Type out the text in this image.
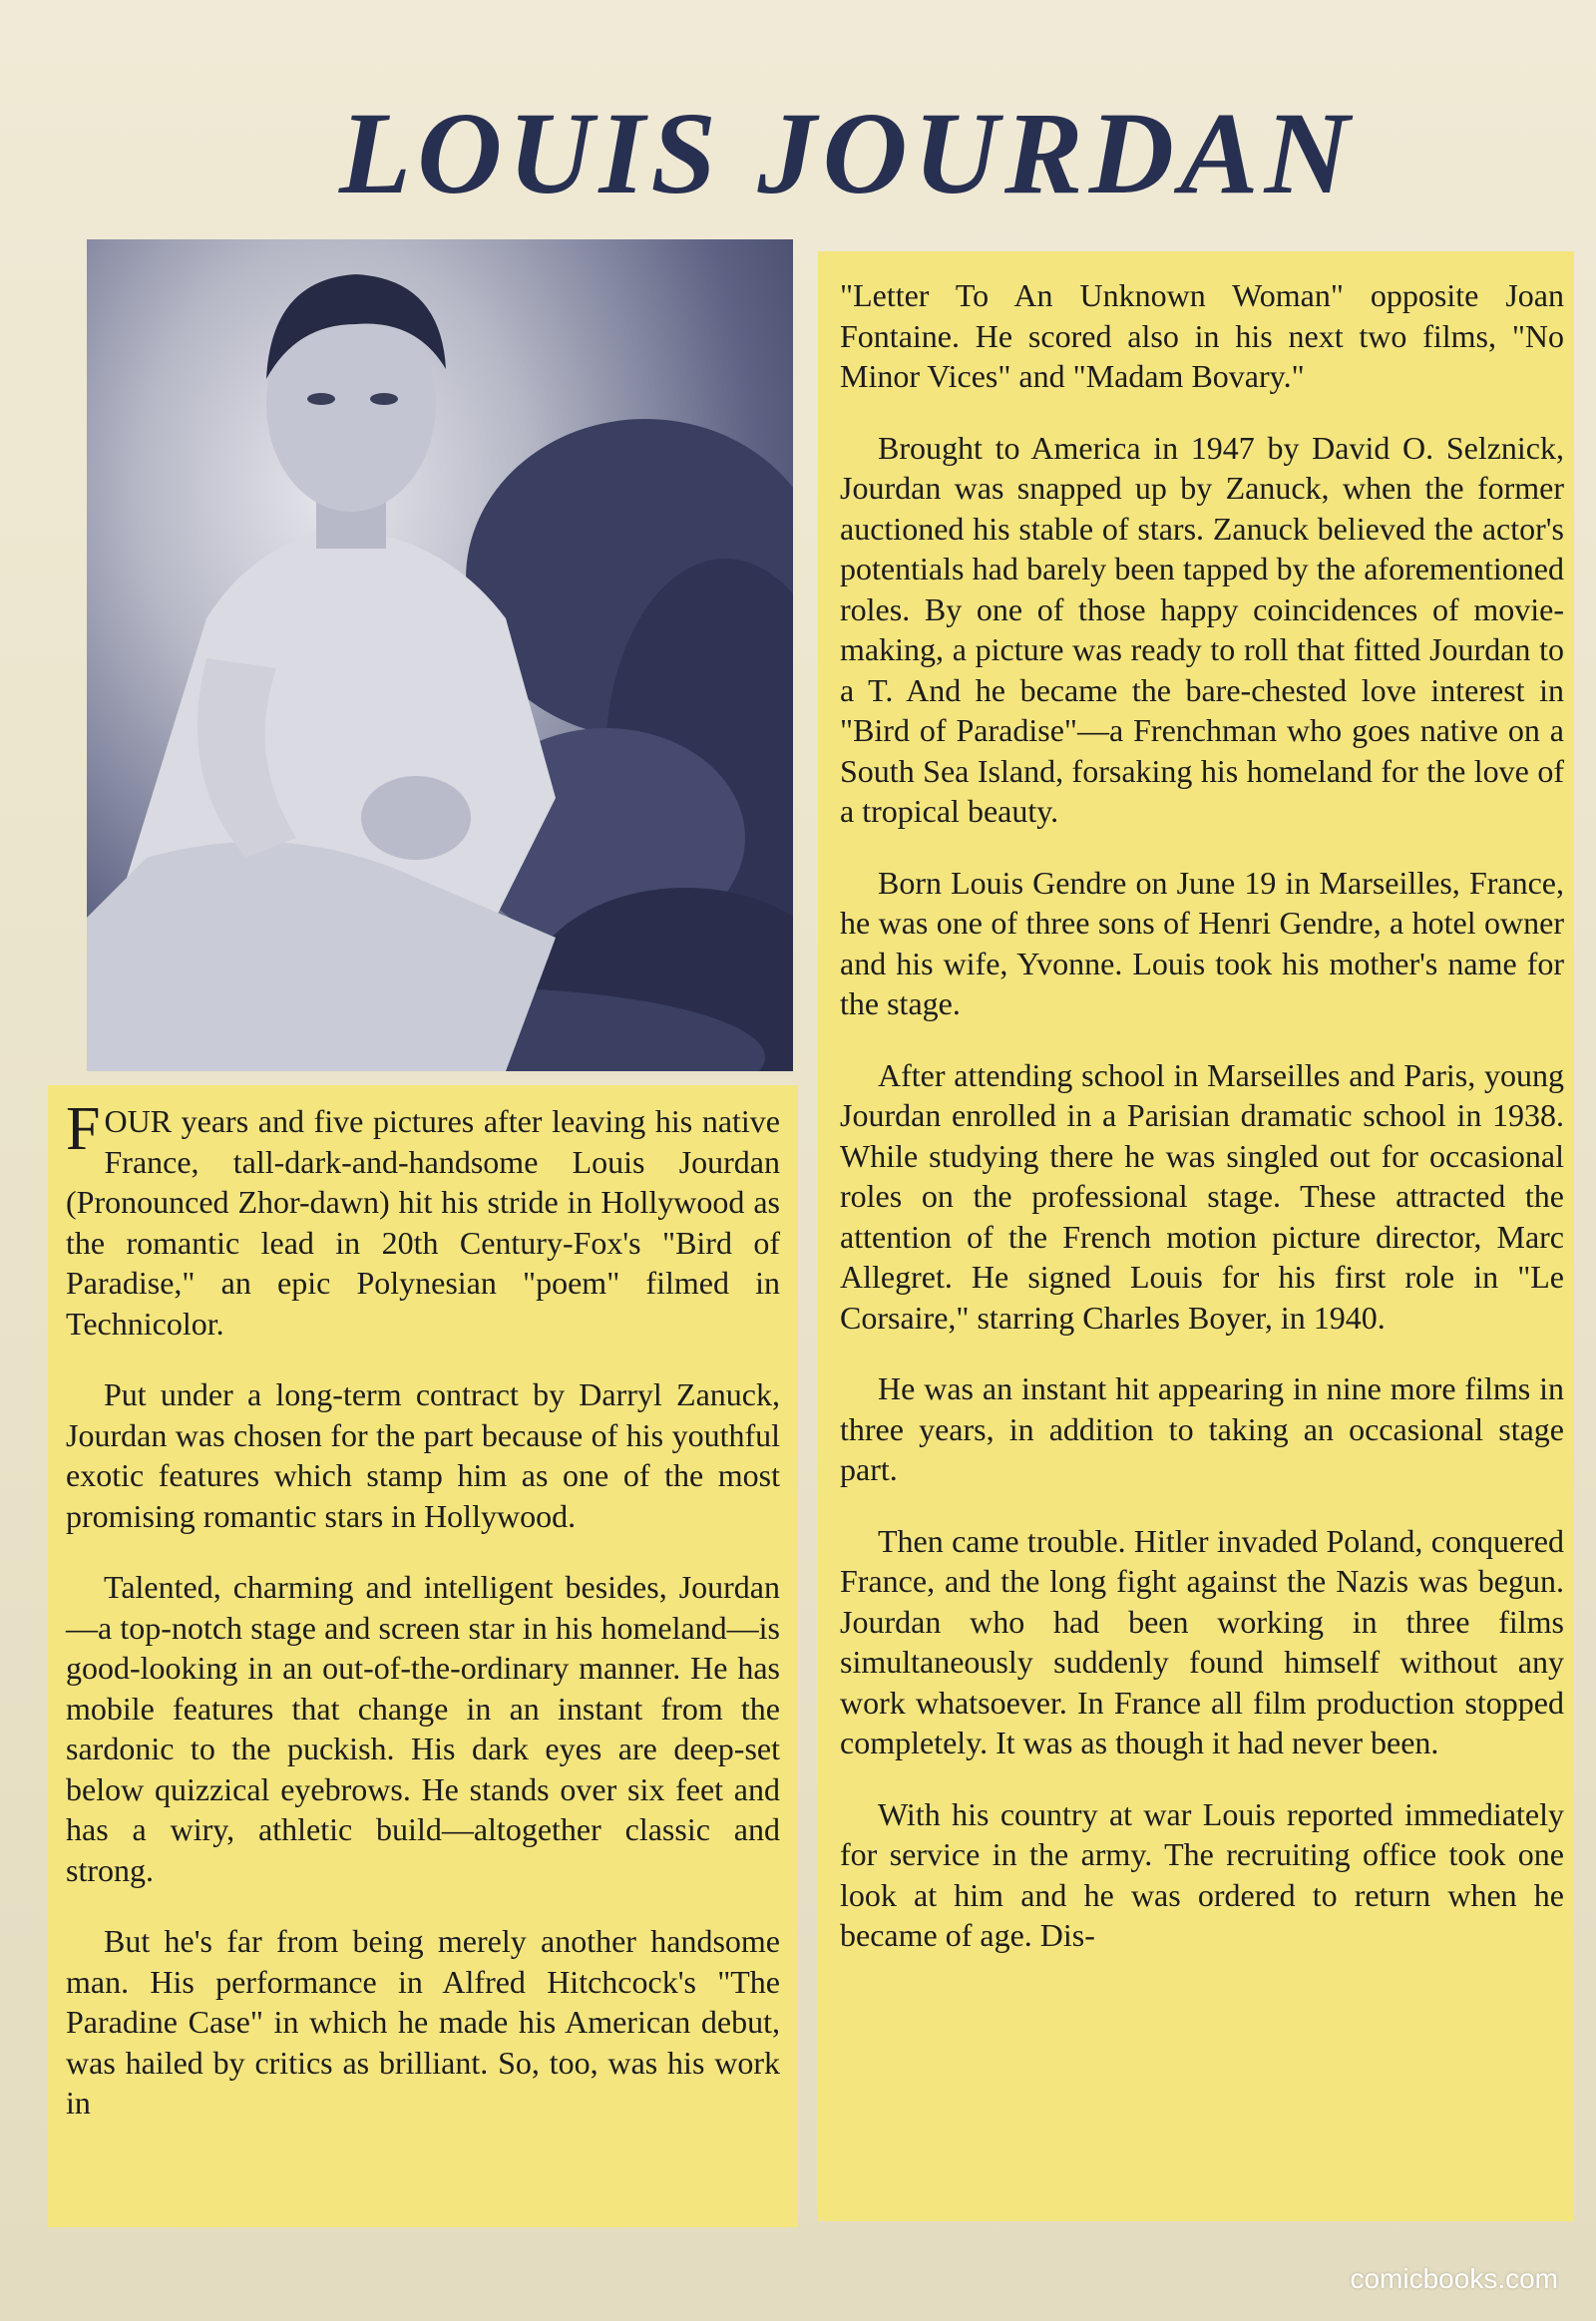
LOUIS JOURDAN

FOUR years and five pictures after leaving his native France, tall-dark-and-handsome Louis Jourdan (Pronounced Zhor-dawn) hit his stride in Hollywood as the romantic lead in 20th Century-Fox's "Bird of Paradise," an epic Polynesian "poem" filmed in Technicolor.

Put under a long-term contract by Darryl Zanuck, Jourdan was chosen for the part because of his youthful exotic features which stamp him as one of the most promising romantic stars in Hollywood.

Talented, charming and intelligent besides, Jourdan—a top-notch stage and screen star in his homeland—is good-looking in an out-of-the-ordinary manner. He has mobile features that change in an instant from the sardonic to the puckish. His dark eyes are deep-set below quizzical eyebrows. He stands over six feet and has a wiry, athletic build—altogether classic and strong.

But he's far from being merely another handsome man. His performance in Alfred Hitchcock's "The Paradine Case" in which he made his American debut, was hailed by critics as brilliant. So, too, was his work in

"Letter To An Unknown Woman" opposite Joan Fontaine. He scored also in his next two films, "No Minor Vices" and "Madam Bovary."

Brought to America in 1947 by David O. Selznick, Jourdan was snapped up by Zanuck, when the former auctioned his stable of stars. Zanuck believed the actor's potentials had barely been tapped by the aforementioned roles. By one of those happy coincidences of movie-making, a picture was ready to roll that fitted Jourdan to a T. And he became the bare-chested love interest in "Bird of Paradise"—a Frenchman who goes native on a South Sea Island, forsaking his homeland for the love of a tropical beauty.

Born Louis Gendre on June 19 in Marseilles, France, he was one of three sons of Henri Gendre, a hotel owner and his wife, Yvonne. Louis took his mother's name for the stage.

After attending school in Marseilles and Paris, young Jourdan enrolled in a Parisian dramatic school in 1938. While studying there he was singled out for occasional roles on the professional stage. These attracted the attention of the French motion picture director, Marc Allegret. He signed Louis for his first role in "Le Corsaire," starring Charles Boyer, in 1940.

He was an instant hit appearing in nine more films in three years, in addition to taking an occasional stage part.

Then came trouble. Hitler invaded Poland, conquered France, and the long fight against the Nazis was begun. Jourdan who had been working in three films simultaneously suddenly found himself without any work whatsoever. In France all film production stopped completely. It was as though it had never been.

With his country at war Louis reported immediately for service in the army. The recruiting office took one look at him and he was ordered to return when he became of age. Dis-

comicbooks.com
